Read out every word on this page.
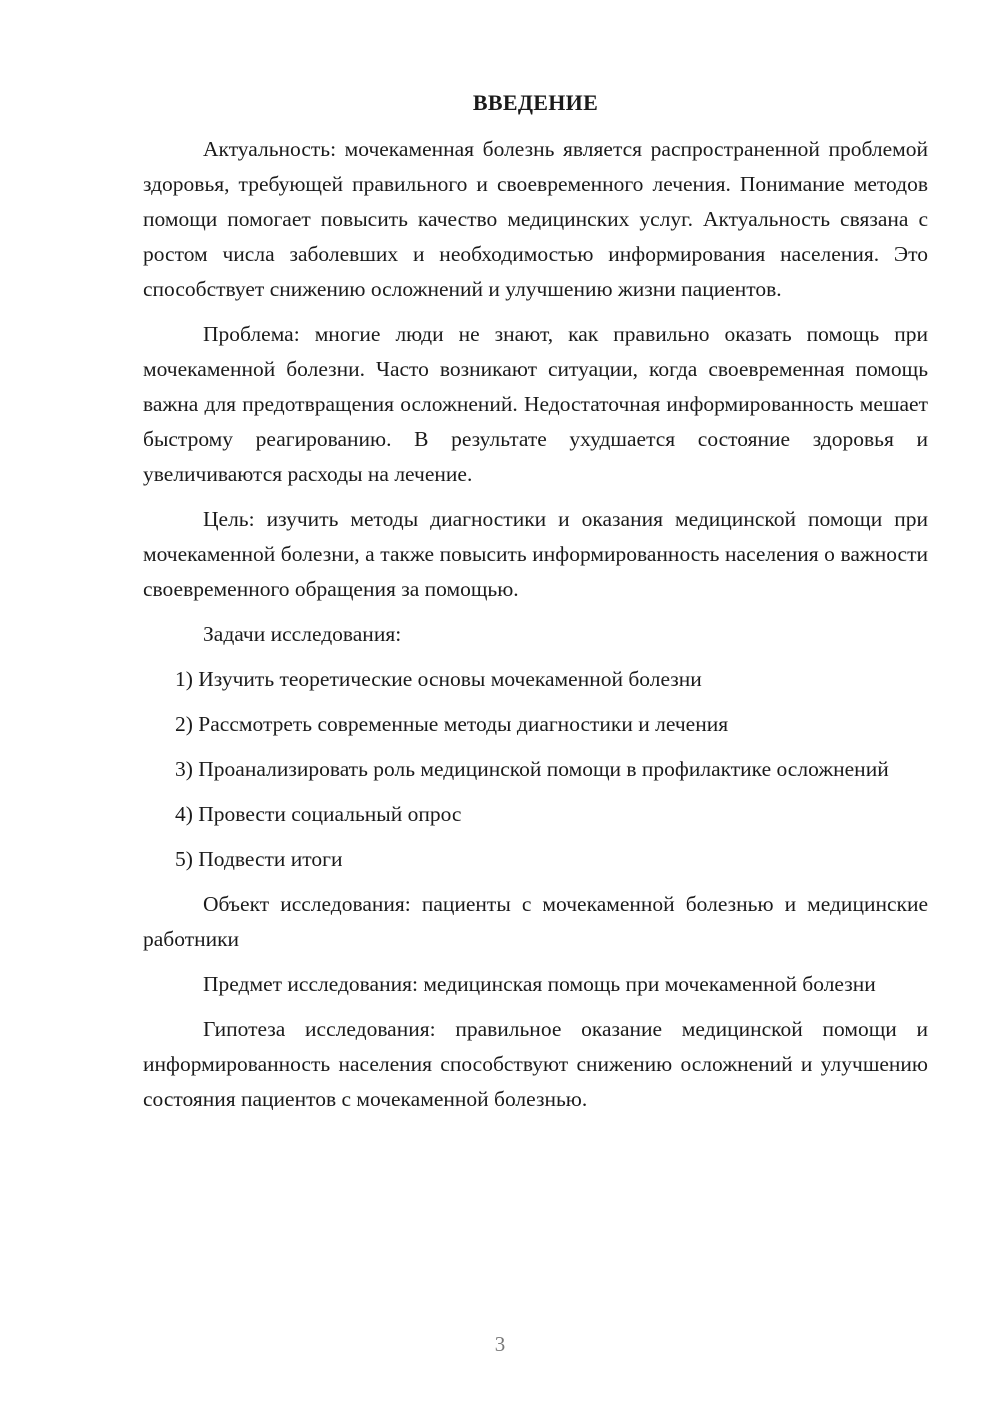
ВВЕДЕНИЕ

Актуальность: мочекаменная болезнь является распространенной проблемой здоровья, требующей правильного и своевременного лечения. Понимание методов помощи помогает повысить качество медицинских услуг. Актуальность связана с ростом числа заболевших и необходимостью информирования населения. Это способствует снижению осложнений и улучшению жизни пациентов.

Проблема: многие люди не знают, как правильно оказать помощь при мочекаменной болезни. Часто возникают ситуации, когда своевременная помощь важна для предотвращения осложнений. Недостаточная информированность мешает быстрому реагированию. В результате ухудшается состояние здоровья и увеличиваются расходы на лечение.

Цель: изучить методы диагностики и оказания медицинской помощи при мочекаменной болезни, а также повысить информированность населения о важности своевременного обращения за помощью.

Задачи исследования:

1) Изучить теоретические основы мочекаменной болезни
2) Рассмотреть современные методы диагностики и лечения
3) Проанализировать роль медицинской помощи в профилактике осложнений
4) Провести социальный опрос
5) Подвести итоги

Объект исследования: пациенты с мочекаменной болезнью и медицинские работники

Предмет исследования: медицинская помощь при мочекаменной болезни

Гипотеза исследования: правильное оказание медицинской помощи и информированность населения способствуют снижению осложнений и улучшению состояния пациентов с мочекаменной болезнью.

3
